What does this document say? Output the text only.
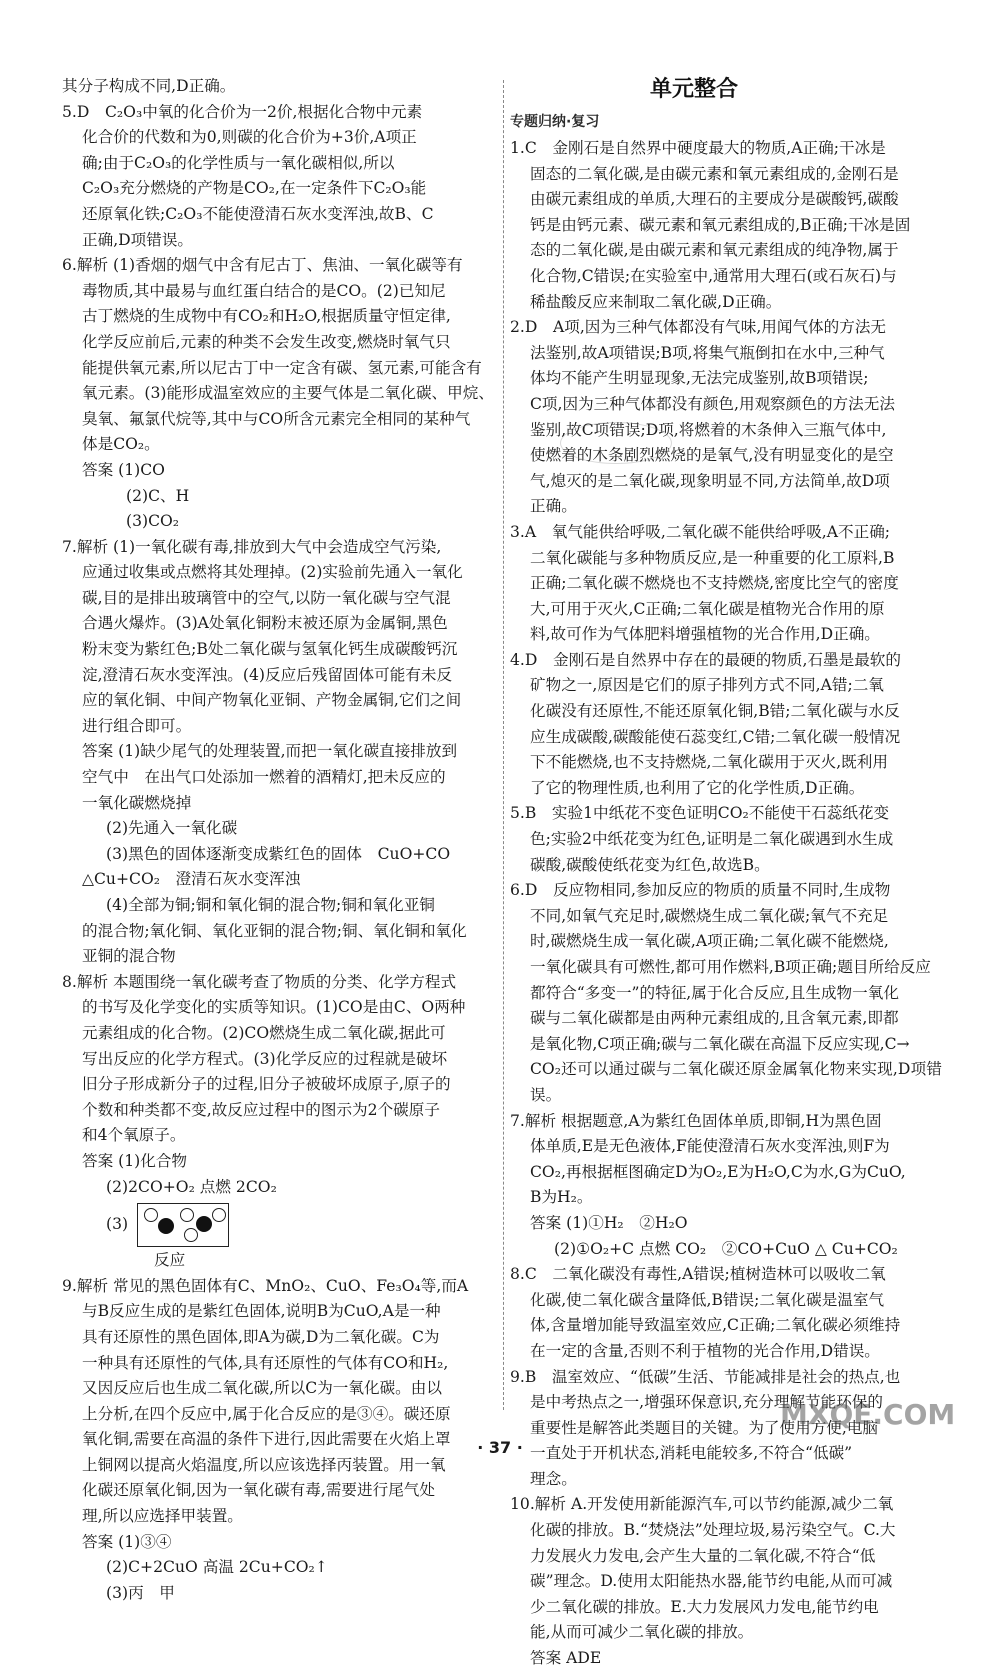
其分子构成不同,D正确。

5.D　C₂O₃中氧的化合价为一2价,根据化合物中元素

化合价的代数和为0,则碳的化合价为+3价,A项正

确;由于C₂O₃的化学性质与一氧化碳相似,所以

C₂O₃充分燃烧的产物是CO₂,在一定条件下C₂O₃能

还原氧化铁;C₂O₃不能使澄清石灰水变浑浊,故B、C

正确,D项错误。

6.解析 (1)香烟的烟气中含有尼古丁、焦油、一氧化碳等有

毒物质,其中最易与血红蛋白结合的是CO。(2)已知尼

古丁燃烧的生成物中有CO₂和H₂O,根据质量守恒定律,

化学反应前后,元素的种类不会发生改变,燃烧时氧气只

能提供氧元素,所以尼古丁中一定含有碳、氢元素,可能含有

氧元素。(3)能形成温室效应的主要气体是二氧化碳、甲烷、

臭氧、氟氯代烷等,其中与CO所含元素完全相同的某种气

体是CO₂。

答案 (1)CO

(2)C、H

(3)CO₂

7.解析 (1)一氧化碳有毒,排放到大气中会造成空气污染,

应通过收集或点燃将其处理掉。(2)实验前先通入一氧化

碳,目的是排出玻璃管中的空气,以防一氧化碳与空气混

合遇火爆炸。(3)A处氧化铜粉末被还原为金属铜,黑色

粉末变为紫红色;B处二氧化碳与氢氧化钙生成碳酸钙沉

淀,澄清石灰水变浑浊。(4)反应后残留固体可能有未反

应的氧化铜、中间产物氧化亚铜、产物金属铜,它们之间

进行组合即可。

答案 (1)缺少尾气的处理装置,而把一氧化碳直接排放到

空气中　在出气口处添加一燃着的酒精灯,把未反应的

一氧化碳燃烧掉

(2)先通入一氧化碳

(3)黑色的固体逐渐变成紫红色的固体　CuO+CO

△Cu+CO₂　澄清石灰水变浑浊

(4)全部为铜;铜和氧化铜的混合物;铜和氧化亚铜

的混合物;氧化铜、氧化亚铜的混合物;铜、氧化铜和氧化

亚铜的混合物

8.解析 本题围绕一氧化碳考查了物质的分类、化学方程式

的书写及化学变化的实质等知识。(1)CO是由C、O两种

元素组成的化合物。(2)CO燃烧生成二氧化碳,据此可

写出反应的化学方程式。(3)化学反应的过程就是破坏

旧分子形成新分子的过程,旧分子被破坏成原子,原子的

个数和种类都不变,故反应过程中的图示为2个碳原子

和4个氧原子。

答案 (1)化合物

(2)2CO+O₂ 点燃 2CO₂

(3)

反应

9.解析 常见的黑色固体有C、MnO₂、CuO、Fe₃O₄等,而A

与B反应生成的是紫红色固体,说明B为CuO,A是一种

具有还原性的黑色固体,即A为碳,D为二氧化碳。C为

一种具有还原性的气体,具有还原性的气体有CO和H₂,

又因反应后也生成二氧化碳,所以C为一氧化碳。由以

上分析,在四个反应中,属于化合反应的是③④。碳还原

氧化铜,需要在高温的条件下进行,因此需要在火焰上罩

上铜网以提高火焰温度,所以应该选择丙装置。用一氧

化碳还原氧化铜,因为一氧化碳有毒,需要进行尾气处

理,所以应选择甲装置。

答案 (1)③④

(2)C+2CuO 高温 2Cu+CO₂↑

(3)丙　甲

单元整合
专题归纳·复习

1.C　金刚石是自然界中硬度最大的物质,A正确;干冰是

固态的二氧化碳,是由碳元素和氧元素组成的,金刚石是

由碳元素组成的单质,大理石的主要成分是碳酸钙,碳酸

钙是由钙元素、碳元素和氧元素组成的,B正确;干冰是固

态的二氧化碳,是由碳元素和氧元素组成的纯净物,属于

化合物,C错误;在实验室中,通常用大理石(或石灰石)与

稀盐酸反应来制取二氧化碳,D正确。

2.D　A项,因为三种气体都没有气味,用闻气体的方法无

法鉴别,故A项错误;B项,将集气瓶倒扣在水中,三种气

体均不能产生明显现象,无法完成鉴别,故B项错误;

C项,因为三种气体都没有颜色,用观察颜色的方法无法

鉴别,故C项错误;D项,将燃着的木条伸入三瓶气体中,

使燃着的木条剧烈燃烧的是氧气,没有明显变化的是空

气,熄灭的是二氧化碳,现象明显不同,方法简单,故D项

正确。

3.A　氧气能供给呼吸,二氧化碳不能供给呼吸,A不正确;

二氧化碳能与多种物质反应,是一种重要的化工原料,B

正确;二氧化碳不燃烧也不支持燃烧,密度比空气的密度

大,可用于灭火,C正确;二氧化碳是植物光合作用的原

料,故可作为气体肥料增强植物的光合作用,D正确。

4.D　金刚石是自然界中存在的最硬的物质,石墨是最软的

矿物之一,原因是它们的原子排列方式不同,A错;二氧

化碳没有还原性,不能还原氧化铜,B错;二氧化碳与水反

应生成碳酸,碳酸能使石蕊变红,C错;二氧化碳一般情况

下不能燃烧,也不支持燃烧,二氧化碳用于灭火,既利用

了它的物理性质,也利用了它的化学性质,D正确。

5.B　实验1中纸花不变色证明CO₂不能使干石蕊纸花变

色;实验2中纸花变为红色,证明是二氧化碳遇到水生成

碳酸,碳酸使纸花变为红色,故选B。

6.D　反应物相同,参加反应的物质的质量不同时,生成物

不同,如氧气充足时,碳燃烧生成二氧化碳;氧气不充足

时,碳燃烧生成一氧化碳,A项正确;二氧化碳不能燃烧,

一氧化碳具有可燃性,都可用作燃料,B项正确;题目所给反应

都符合“多变一”的特征,属于化合反应,且生成物一氧化

碳与二氧化碳都是由两种元素组成的,且含氧元素,即都

是氧化物,C项正确;碳与二氧化碳在高温下反应实现,C→

CO₂还可以通过碳与二氧化碳还原金属氧化物来实现,D项错误。

7.解析 根据题意,A为紫红色固体单质,即铜,H为黑色固

体单质,E是无色液体,F能使澄清石灰水变浑浊,则F为

CO₂,再根据框图确定D为O₂,E为H₂O,C为水,G为CuO,

B为H₂。

答案 (1)①H₂　②H₂O

(2)①O₂+C 点燃 CO₂　②CO+CuO △ Cu+CO₂

8.C　二氧化碳没有毒性,A错误;植树造林可以吸收二氧

化碳,使二氧化碳含量降低,B错误;二氧化碳是温室气

体,含量增加能导致温室效应,C正确;二氧化碳必须维持

在一定的含量,否则不利于植物的光合作用,D错误。

9.B　温室效应、“低碳”生活、节能减排是社会的热点,也

是中考热点之一,增强环保意识,充分理解节能环保的

重要性是解答此类题目的关键。为了使用方便,电脑

一直处于开机状态,消耗电能较多,不符合“低碳”

理念。

10.解析 A.开发使用新能源汽车,可以节约能源,减少二氧

化碳的排放。B.“焚烧法”处理垃圾,易污染空气。C.大

力发展火力发电,会产生大量的二氧化碳,不符合“低

碳”理念。D.使用太阳能热水器,能节约电能,从而可减

少二氧化碳的排放。E.大力发展风力发电,能节约电

能,从而可减少二氧化碳的排放。

答案 ADE

MXQE.COM
· 37 ·
